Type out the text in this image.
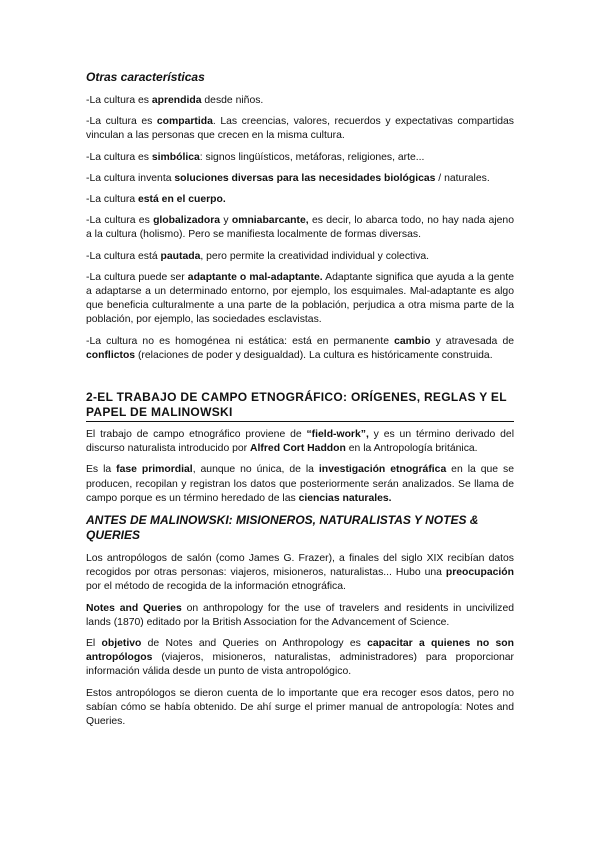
Otras características

-La cultura es aprendida desde niños.

-La cultura es compartida. Las creencias, valores, recuerdos y expectativas compartidas vinculan a las personas que crecen en la misma cultura.

-La cultura es simbólica: signos lingüísticos, metáforas, religiones, arte...

-La cultura inventa soluciones diversas para las necesidades biológicas / naturales.

-La cultura está en el cuerpo.

-La cultura es globalizadora y omniabarcante, es decir, lo abarca todo, no hay nada ajeno a la cultura (holismo). Pero se manifiesta localmente de formas diversas.

-La cultura está pautada, pero permite la creatividad individual y colectiva.

-La cultura puede ser adaptante o mal-adaptante. Adaptante significa que ayuda a la gente a adaptarse a un determinado entorno, por ejemplo, los esquimales. Mal-adaptante es algo que beneficia culturalmente a una parte de la población, perjudica a otra misma parte de la población, por ejemplo, las sociedades esclavistas.

-La cultura no es homogénea ni estática: está en permanente cambio y atravesada de conflictos (relaciones de poder y desigualdad). La cultura es históricamente construida.

2-EL TRABAJO DE CAMPO ETNOGRÁFICO: ORÍGENES, REGLAS Y EL PAPEL DE MALINOWSKI

El trabajo de campo etnográfico proviene de “field-work”, y es un término derivado del discurso naturalista introducido por Alfred Cort Haddon en la Antropología británica.

Es la fase primordial, aunque no única, de la investigación etnográfica en la que se producen, recopilan y registran los datos que posteriormente serán analizados. Se llama de campo porque es un término heredado de las ciencias naturales.

ANTES DE MALINOWSKI: MISIONEROS, NATURALISTAS Y NOTES & QUERIES

Los antropólogos de salón (como James G. Frazer), a finales del siglo XIX recibían datos recogidos por otras personas: viajeros, misioneros, naturalistas... Hubo una preocupación por el método de recogida de la información etnográfica.

Notes and Queries on anthropology for the use of travelers and residents in uncivilized lands (1870) editado por la British Association for the Advancement of Science.

El objetivo de Notes and Queries on Anthropology es capacitar a quienes no son antropólogos (viajeros, misioneros, naturalistas, administradores) para proporcionar información válida desde un punto de vista antropológico.

Estos antropólogos se dieron cuenta de lo importante que era recoger esos datos, pero no sabían cómo se había obtenido. De ahí surge el primer manual de antropología: Notes and Queries.
